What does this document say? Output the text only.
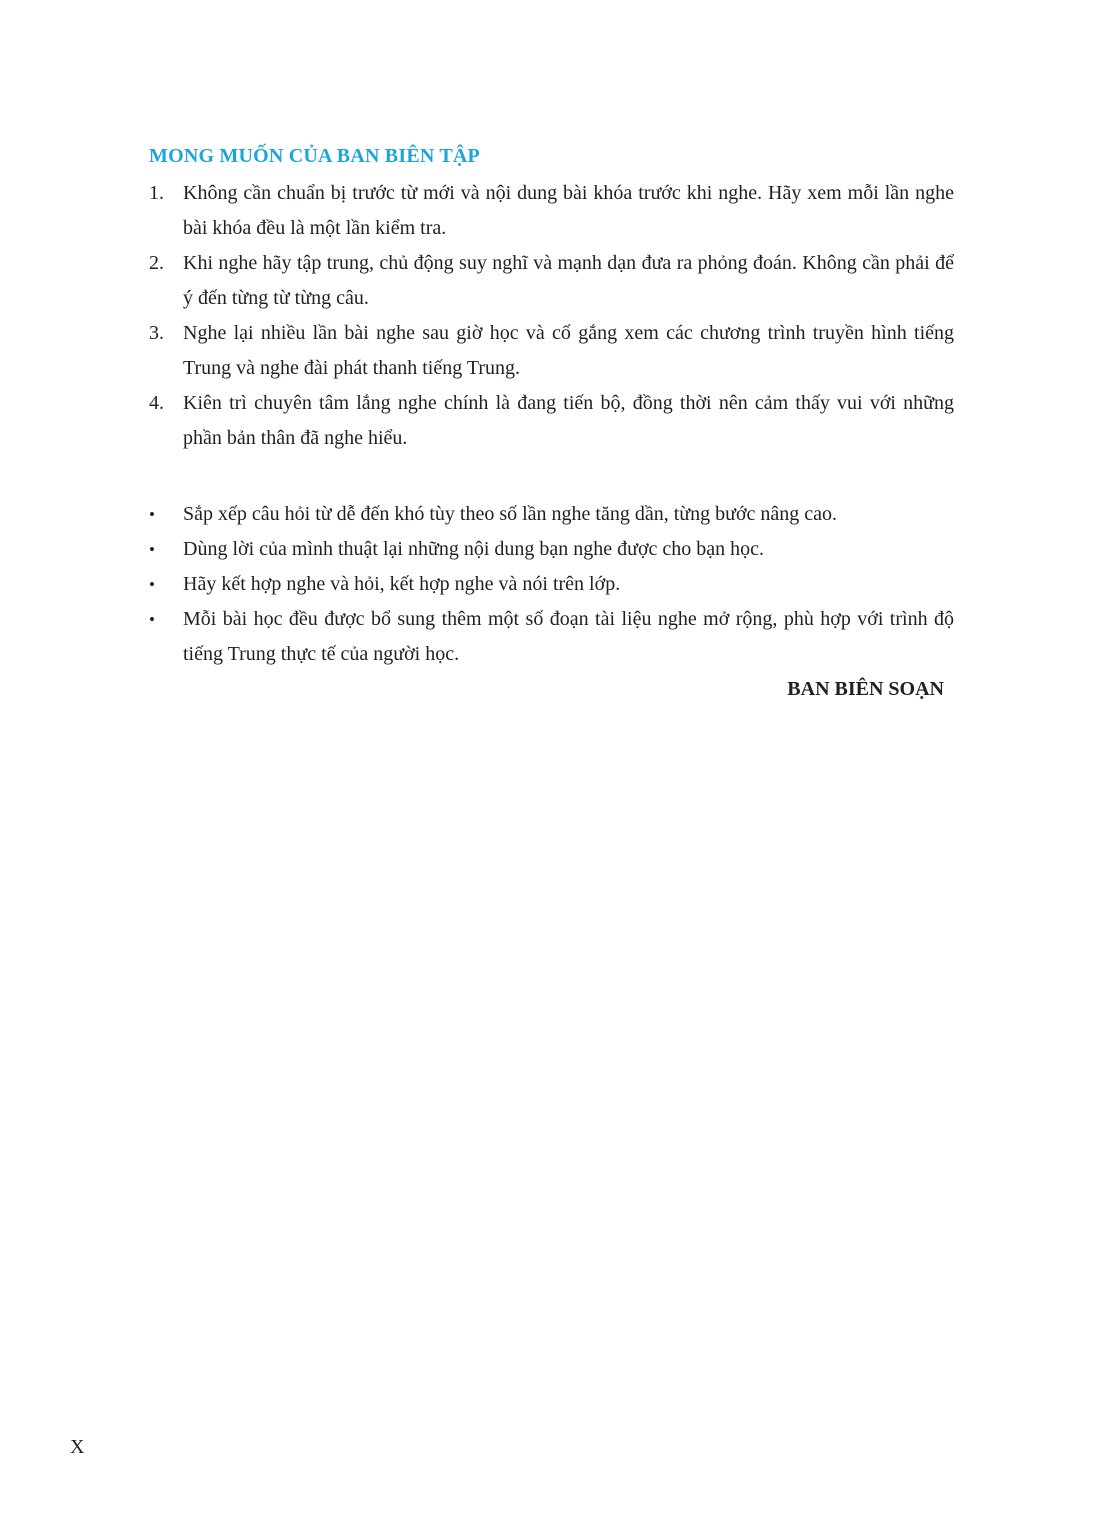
MONG MUỐN CỦA BAN BIÊN TẬP
1. Không cần chuẩn bị trước từ mới và nội dung bài khóa trước khi nghe. Hãy xem mỗi lần nghe bài khóa đều là một lần kiểm tra.
2. Khi nghe hãy tập trung, chủ động suy nghĩ và mạnh dạn đưa ra phỏng đoán. Không cần phải để ý đến từng từ từng câu.
3. Nghe lại nhiều lần bài nghe sau giờ học và cố gắng xem các chương trình truyền hình tiếng Trung và nghe đài phát thanh tiếng Trung.
4. Kiên trì chuyên tâm lắng nghe chính là đang tiến bộ, đồng thời nên cảm thấy vui với những phần bản thân đã nghe hiểu.
• Sắp xếp câu hỏi từ dễ đến khó tùy theo số lần nghe tăng dần, từng bước nâng cao.
• Dùng lời của mình thuật lại những nội dung bạn nghe được cho bạn học.
• Hãy kết hợp nghe và hỏi, kết hợp nghe và nói trên lớp.
• Mỗi bài học đều được bổ sung thêm một số đoạn tài liệu nghe mở rộng, phù hợp với trình độ tiếng Trung thực tế của người học.
BAN BIÊN SOẠN
X
